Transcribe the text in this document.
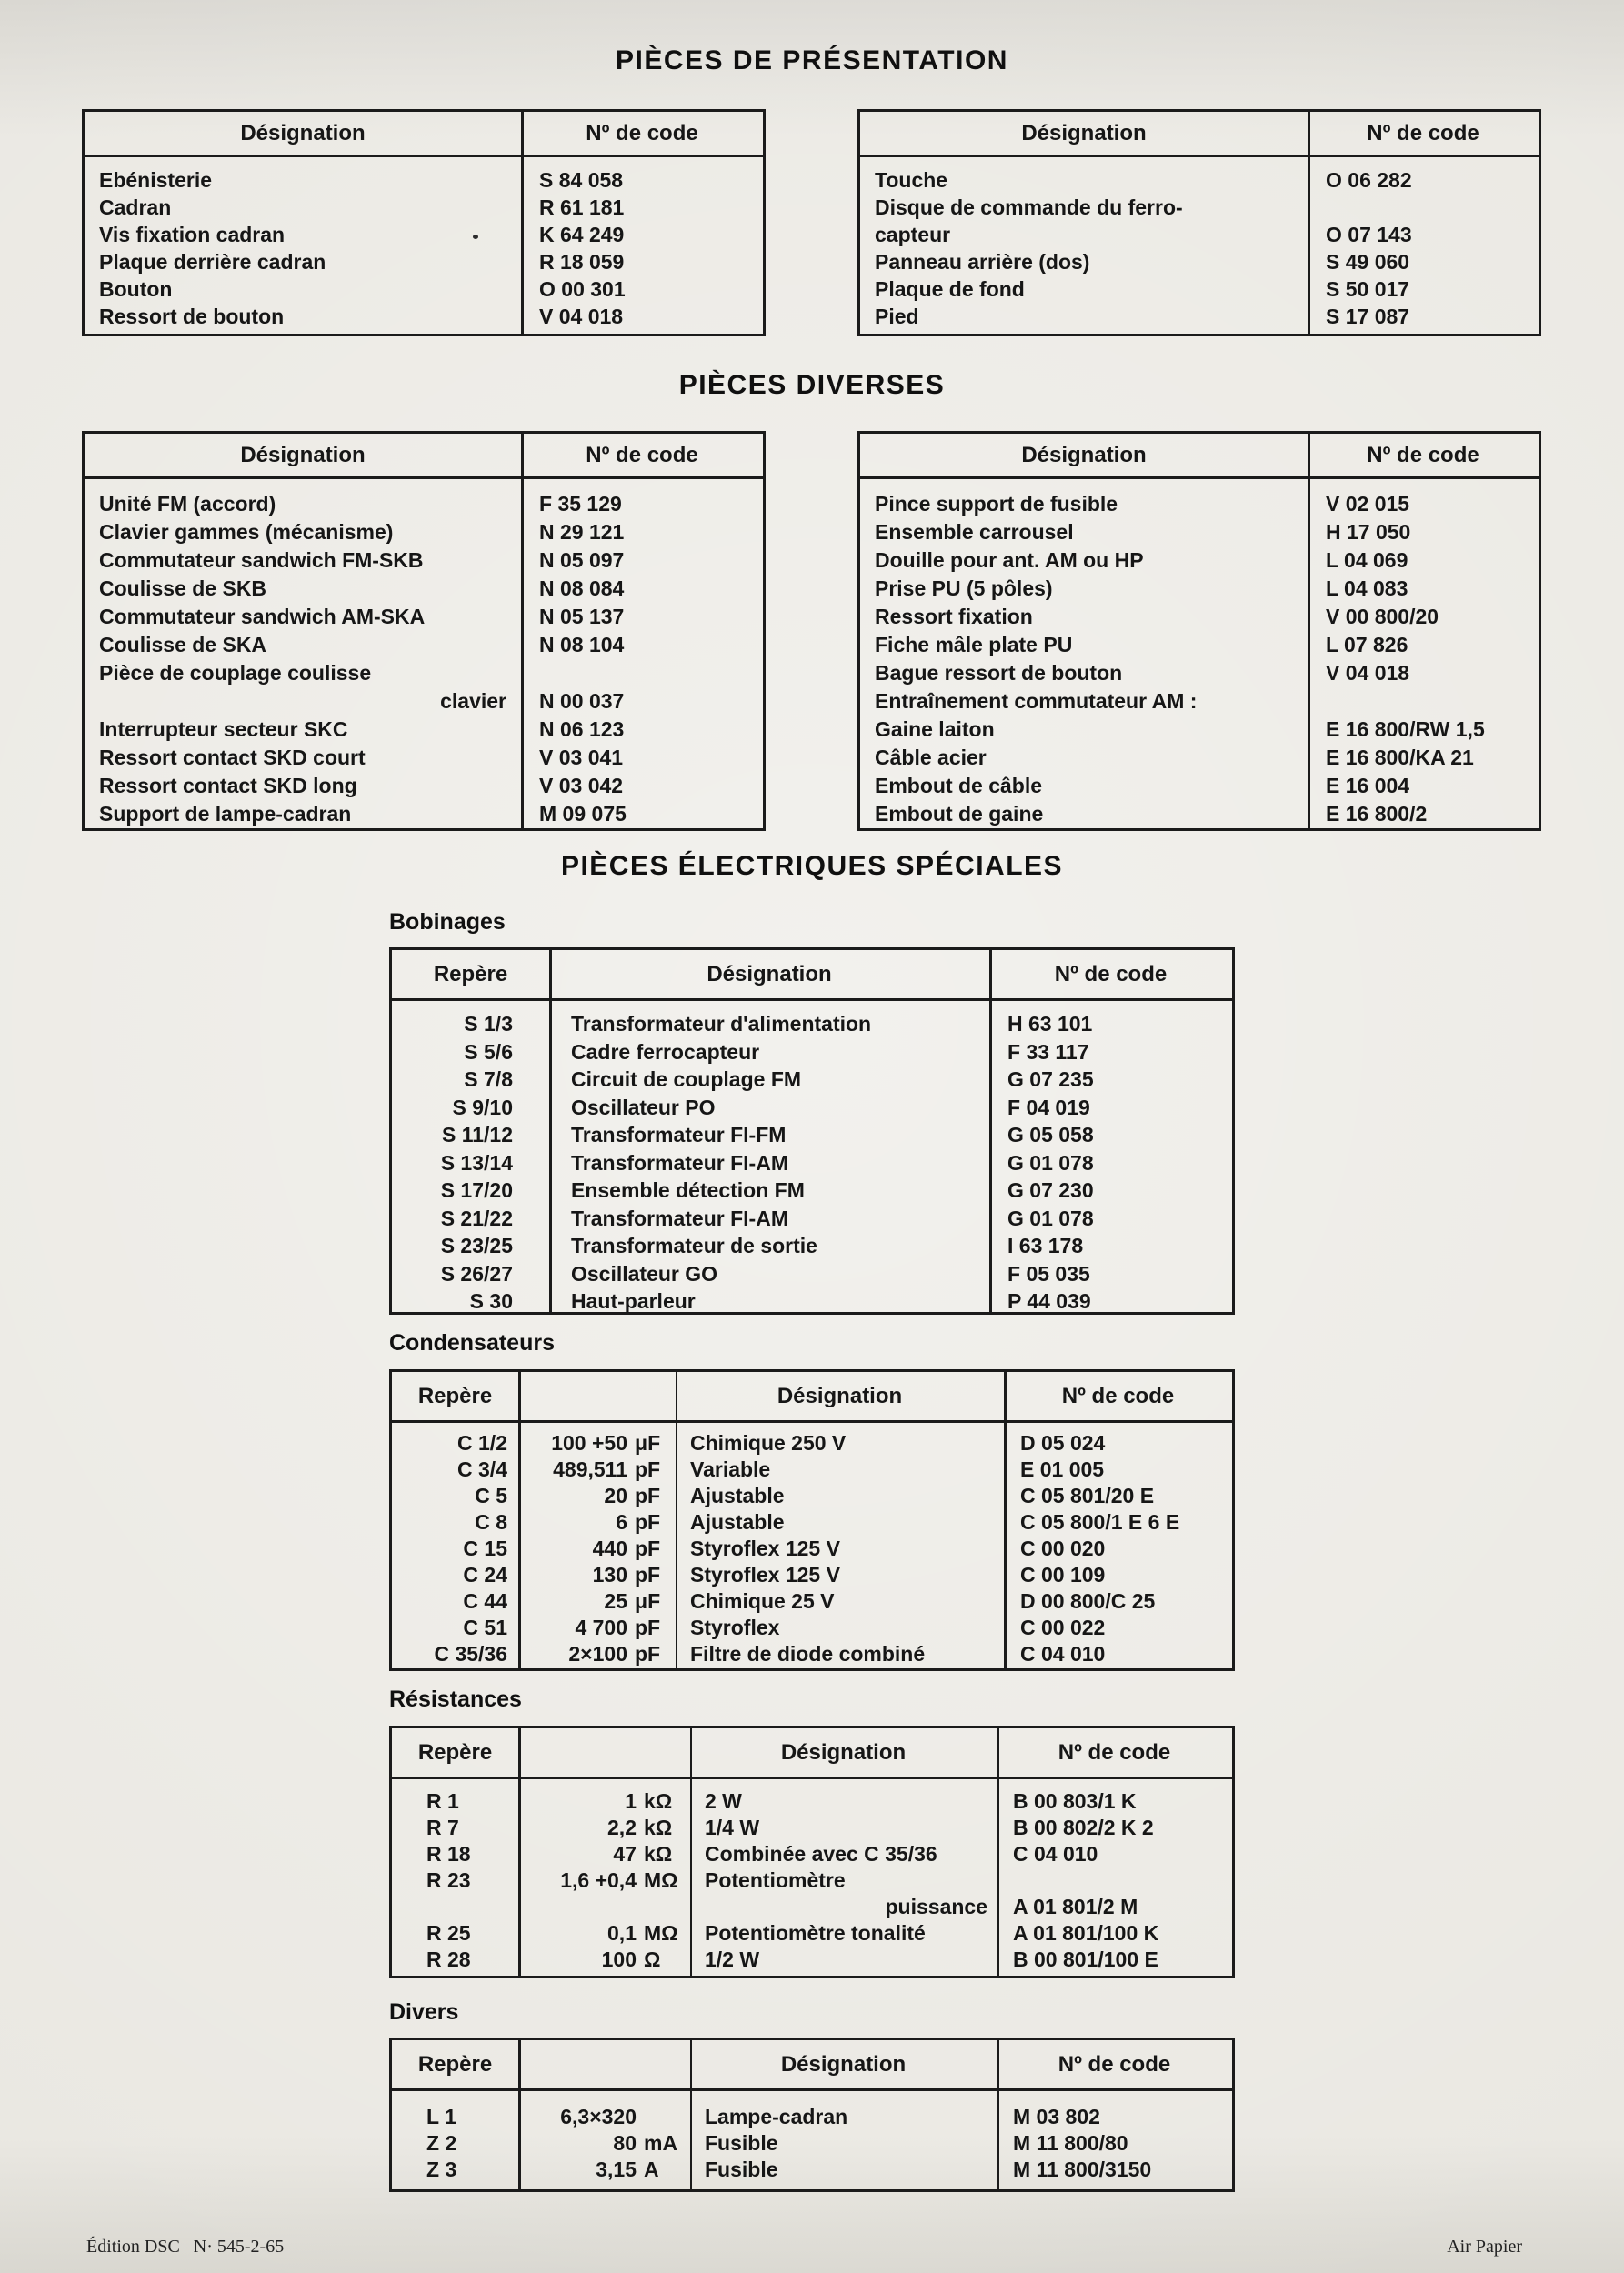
PIÈCES DE PRÉSENTATION
Désignation	Nº de code
Ebénisterie	S 84 058
Cadran	R 61 181
Vis fixation cadran	K 64 249
Plaque derrière cadran	R 18 059
Bouton	O 00 301
Ressort de bouton	V 04 018
Désignation	Nº de code
Touche	O 06 282
Disque de commande du ferro-
capteur	O 07 143
Panneau arrière (dos)	S 49 060
Plaque de fond	S 50 017
Pied	S 17 087
PIÈCES DIVERSES
Désignation	Nº de code
Unité FM (accord)	F 35 129
Clavier gammes (mécanisme)	N 29 121
Commutateur sandwich FM-SKB	N 05 097
Coulisse de SKB	N 08 084
Commutateur sandwich AM-SKA	N 05 137
Coulisse de SKA	N 08 104
Pièce de couplage coulisse
clavier	N 00 037
Interrupteur secteur SKC	N 06 123
Ressort contact SKD court	V 03 041
Ressort contact SKD long	V 03 042
Support de lampe-cadran	M 09 075
Désignation	Nº de code
Pince support de fusible	V 02 015
Ensemble carrousel	H 17 050
Douille pour ant. AM ou HP	L 04 069
Prise PU (5 pôles)	L 04 083
Ressort fixation	V 00 800/20
Fiche mâle plate PU	L 07 826
Bague ressort de bouton	V 04 018
Entraînement commutateur AM :
Gaine laiton	E 16 800/RW 1,5
Câble acier	E 16 800/KA 21
Embout de câble	E 16 004
Embout de gaine	E 16 800/2
PIÈCES ÉLECTRIQUES SPÉCIALES
Bobinages
Repère	Désignation	Nº de code
S 1/3	Transformateur d'alimentation	H 63 101
S 5/6	Cadre ferrocapteur	F 33 117
S 7/8	Circuit de couplage FM	G 07 235
S 9/10	Oscillateur PO	F 04 019
S 11/12	Transformateur FI-FM	G 05 058
S 13/14	Transformateur FI-AM	G 01 078
S 17/20	Ensemble détection FM	G 07 230
S 21/22	Transformateur FI-AM	G 01 078
S 23/25	Transformateur de sortie	I 63 178
S 26/27	Oscillateur GO	F 05 035
S 30	Haut-parleur	P 44 039
Condensateurs
Repère	Désignation	Nº de code
C 1/2	100 +50 μF	Chimique 250 V	D 05 024
C 3/4	489,511 pF	Variable	E 01 005
C 5	20 pF	Ajustable	C 05 801/20 E
C 8	6 pF	Ajustable	C 05 800/1 E 6 E
C 15	440 pF	Styroflex 125 V	C 00 020
C 24	130 pF	Styroflex 125 V	C 00 109
C 44	25 μF	Chimique 25 V	D 00 800/C 25
C 51	4 700 pF	Styroflex	C 00 022
C 35/36	2×100 pF	Filtre de diode combiné	C 04 010
Résistances
Repère	Désignation	Nº de code
R 1	1 kΩ	2 W	B 00 803/1 K
R 7	2,2 kΩ	1/4 W	B 00 802/2 K 2
R 18	47 kΩ	Combinée avec C 35/36	C 04 010
R 23	1,6 +0,4 MΩ	Potentiomètre
puissance	A 01 801/2 M
R 25	0,1 MΩ	Potentiomètre tonalité	A 01 801/100 K
R 28	100 Ω	1/2 W	B 00 801/100 E
Divers
Repère	Désignation	Nº de code
L 1	6,3×320	Lampe-cadran	M 03 802
Z 2	80 mA	Fusible	M 11 800/80
Z 3	3,15 A	Fusible	M 11 800/3150
Édition DSC   N· 545-2-65	Air Papier
